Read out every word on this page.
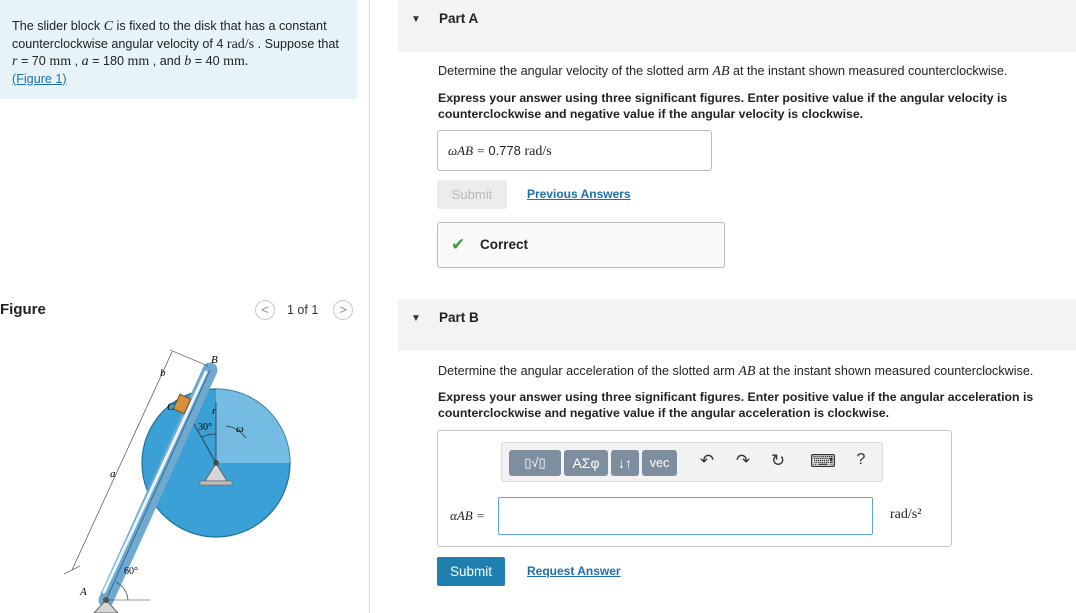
The slider block C is fixed to the disk that has a constant counterclockwise angular velocity of 4 rad/s . Suppose that r = 70 mm , a = 180 mm , and b = 40 mm.
(Figure 1)
Figure	<	1 of 1	>
B
b
r
ω
C
30°
a
60°
A
▼ Part A
Determine the angular velocity of the slotted arm AB at the instant shown measured counterclockwise.
Express your answer using three significant figures. Enter positive value if the angular velocity is counterclockwise and negative value if the angular velocity is clockwise.
ωAB = 0.778 rad/s
Submit	Previous Answers
✔ Correct
▼ Part B
Determine the angular acceleration of the slotted arm AB at the instant shown measured counterclockwise.
Express your answer using three significant figures. Enter positive value if the angular acceleration is counterclockwise and negative value if the angular acceleration is clockwise.
▯√▯	ΑΣφ	↓↑	vec	↶ ↷ ↻ ⌨	?
αAB =	rad/s²
Submit	Request Answer
